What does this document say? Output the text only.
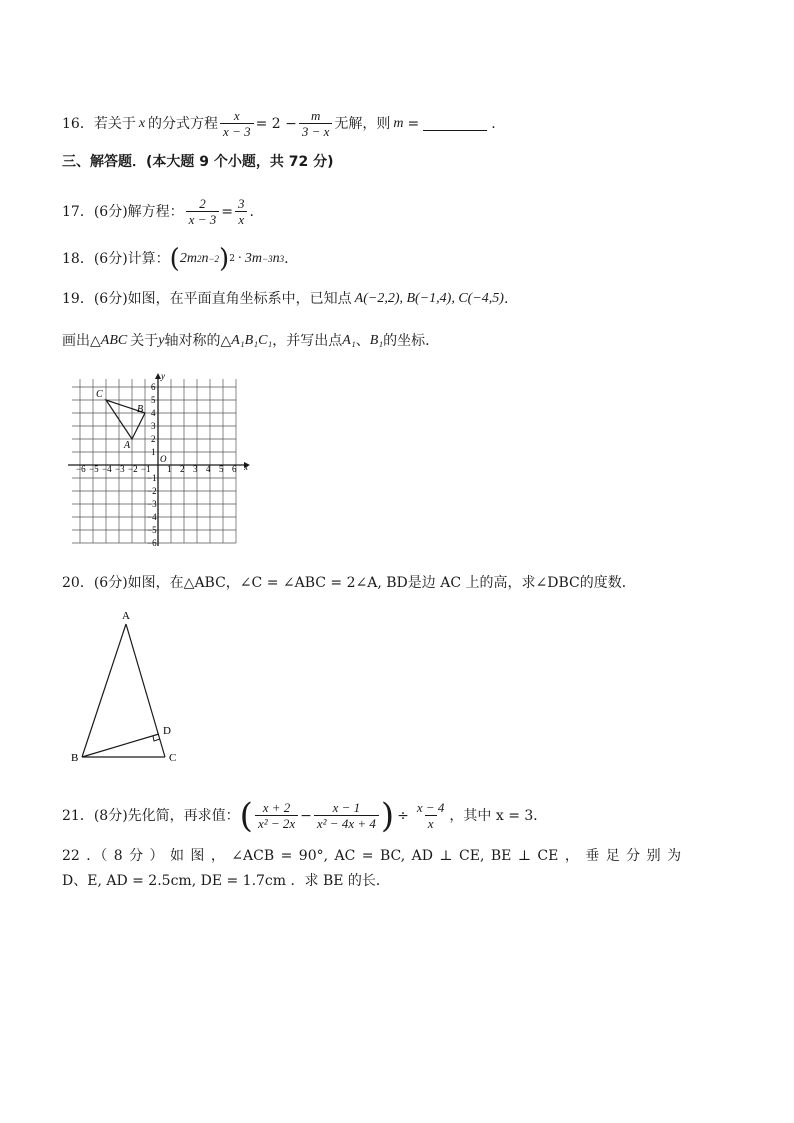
16． 若关于 x 的分式方程 $\frac{x}{x - 3} = 2 - \frac{m}{3 - x}$ 无解，则 m =	.
三、解答题．(本大题 9 个小题，共 72 分)
17． (6分) 解方程： $\frac{2}{x - 3} = \frac{3}{x}$ .
18． (6分) 计算： ( 2m 2 n −2 ) 2 · 3m −3 n 3 .
19． (6分) 如图，在平面直角坐标系中，已知点 A(−2,2), B(−1,4), C(−4,5) .
画出△ ABC 关于 y 轴对称的△ A₁B₁C₁ ，并写出点 A₁ 、 B₁ 的坐标．
−6 −5 −4 −3 −2 −1 1 2 3 4 5 6
6
5
4
3
2
1
−1
−2
−3
−4
−5
−6
O
x
y
A
B
C
20． (6分) 如图，在△ABC，∠C = ∠ABC = 2∠A, BD是边 AC 上的高，求∠DBC的度数．
A
B	C
D
21． (8分) 先化简，再求值： ( $\frac{x + 2}{\text{x² − 2x}} - \frac{x - 1}{\text{x² − 4x + 4}}$ ) ÷ $\frac{x - 4}{x}$ ，其中 x = 3．
22 ．（ 8 分 ） 如 图 ， ∠ACB = 90°, AC = BC, AD ⊥ CE, BE ⊥ CE ， 垂 足 分 别 为
D、E, AD = 2.5cm, DE = 1.7cm ．求 BE 的长．
